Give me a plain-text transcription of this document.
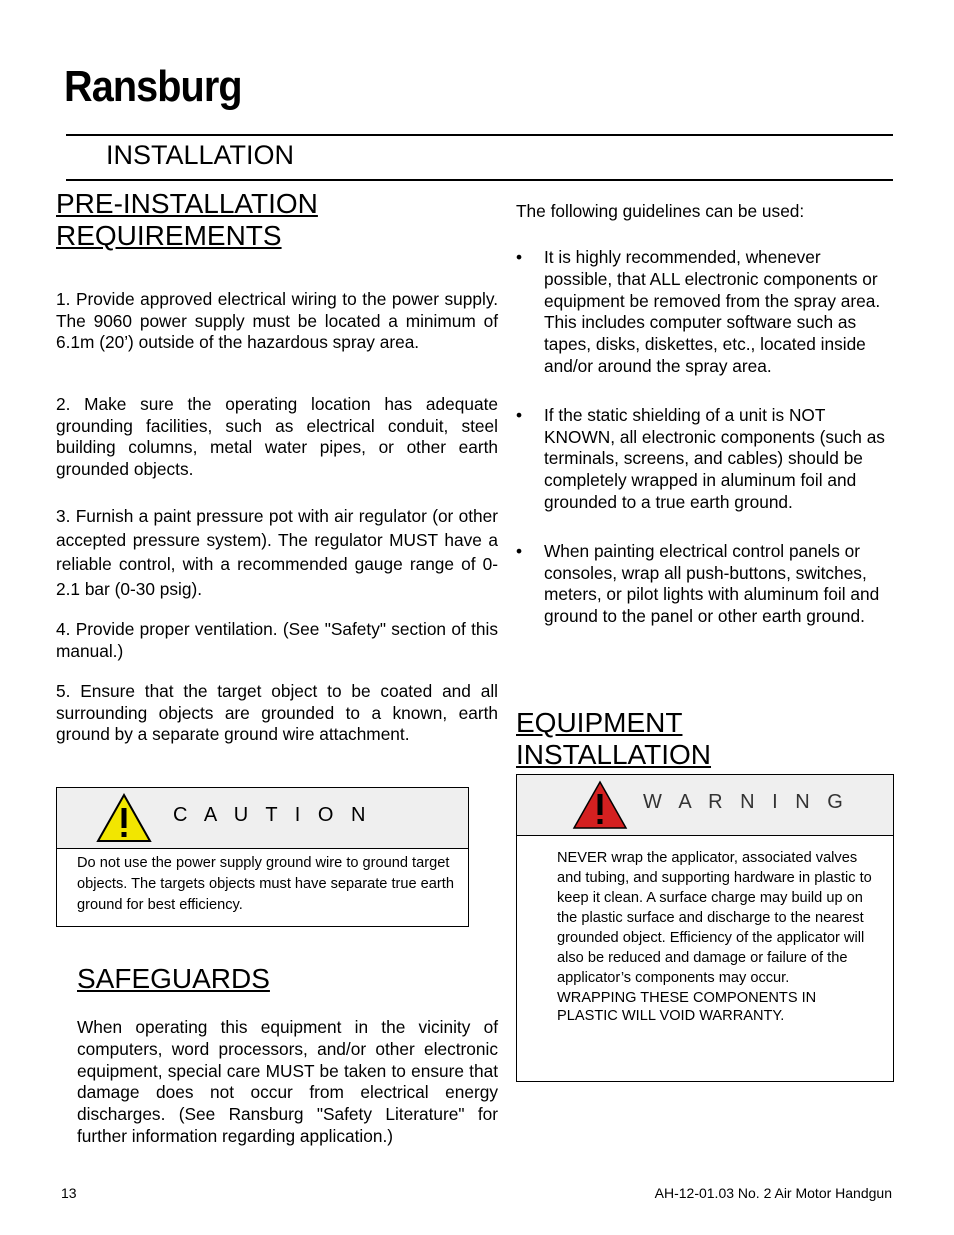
Ransburg
INSTALLATION
PRE-INSTALLATION
REQUIREMENTS
1. Provide approved electrical wiring to the power supply. The 9060 power supply must be located a minimum of 6.1m (20’) outside of the hazardous spray area.
2. Make sure the operating location has adequate grounding facilities, such as electrical conduit, steel building columns, metal water pipes, or other earth grounded objects.
3. Furnish a paint pressure pot with air regulator (or other accepted pressure system). The regulator MUST have a reliable control, with a recommended gauge range of 0-2.1 bar (0-30 psig).
4. Provide proper ventilation. (See "Safety" section of this manual.)
5. Ensure that the target object to be coated and all surrounding objects are grounded to a known, earth ground by a separate ground wire attachment.
C A U T I O N
Do not use the power supply ground wire to ground target objects. The targets objects must have separate true earth ground for best efficiency.
SAFEGUARDS
When operating this equipment in the vicinity of computers, word processors, and/or other electronic equipment, special care MUST be taken to ensure that damage does not occur from electrical energy discharges. (See Ransburg "Safety Literature" for further information regarding application.)
The following guidelines can be used:
• It is highly recommended, whenever possible, that ALL electronic components or equipment be removed from the spray area. This includes computer software such as tapes, disks, diskettes, etc., located inside and/or around the spray area.
• If the static shielding of a unit is NOT KNOWN, all electronic components (such as terminals, screens, and cables) should be completely wrapped in aluminum foil and grounded to a true earth ground.
• When painting electrical control panels or consoles, wrap all push-buttons, switches, meters, or pilot lights with aluminum foil and ground to the panel or other earth ground.
EQUIPMENT
INSTALLATION
W A R N I N G
NEVER wrap the applicator, associated valves and tubing, and supporting hardware in plastic to keep it clean. A surface charge may build up on the plastic surface and discharge to the nearest grounded object. Efficiency of the applicator will also be reduced and damage or failure of the applicator’s components may occur.
WRAPPING THESE COMPONENTS IN PLASTIC WILL VOID WARRANTY.
13	AH-12-01.03 No. 2 Air Motor Handgun
